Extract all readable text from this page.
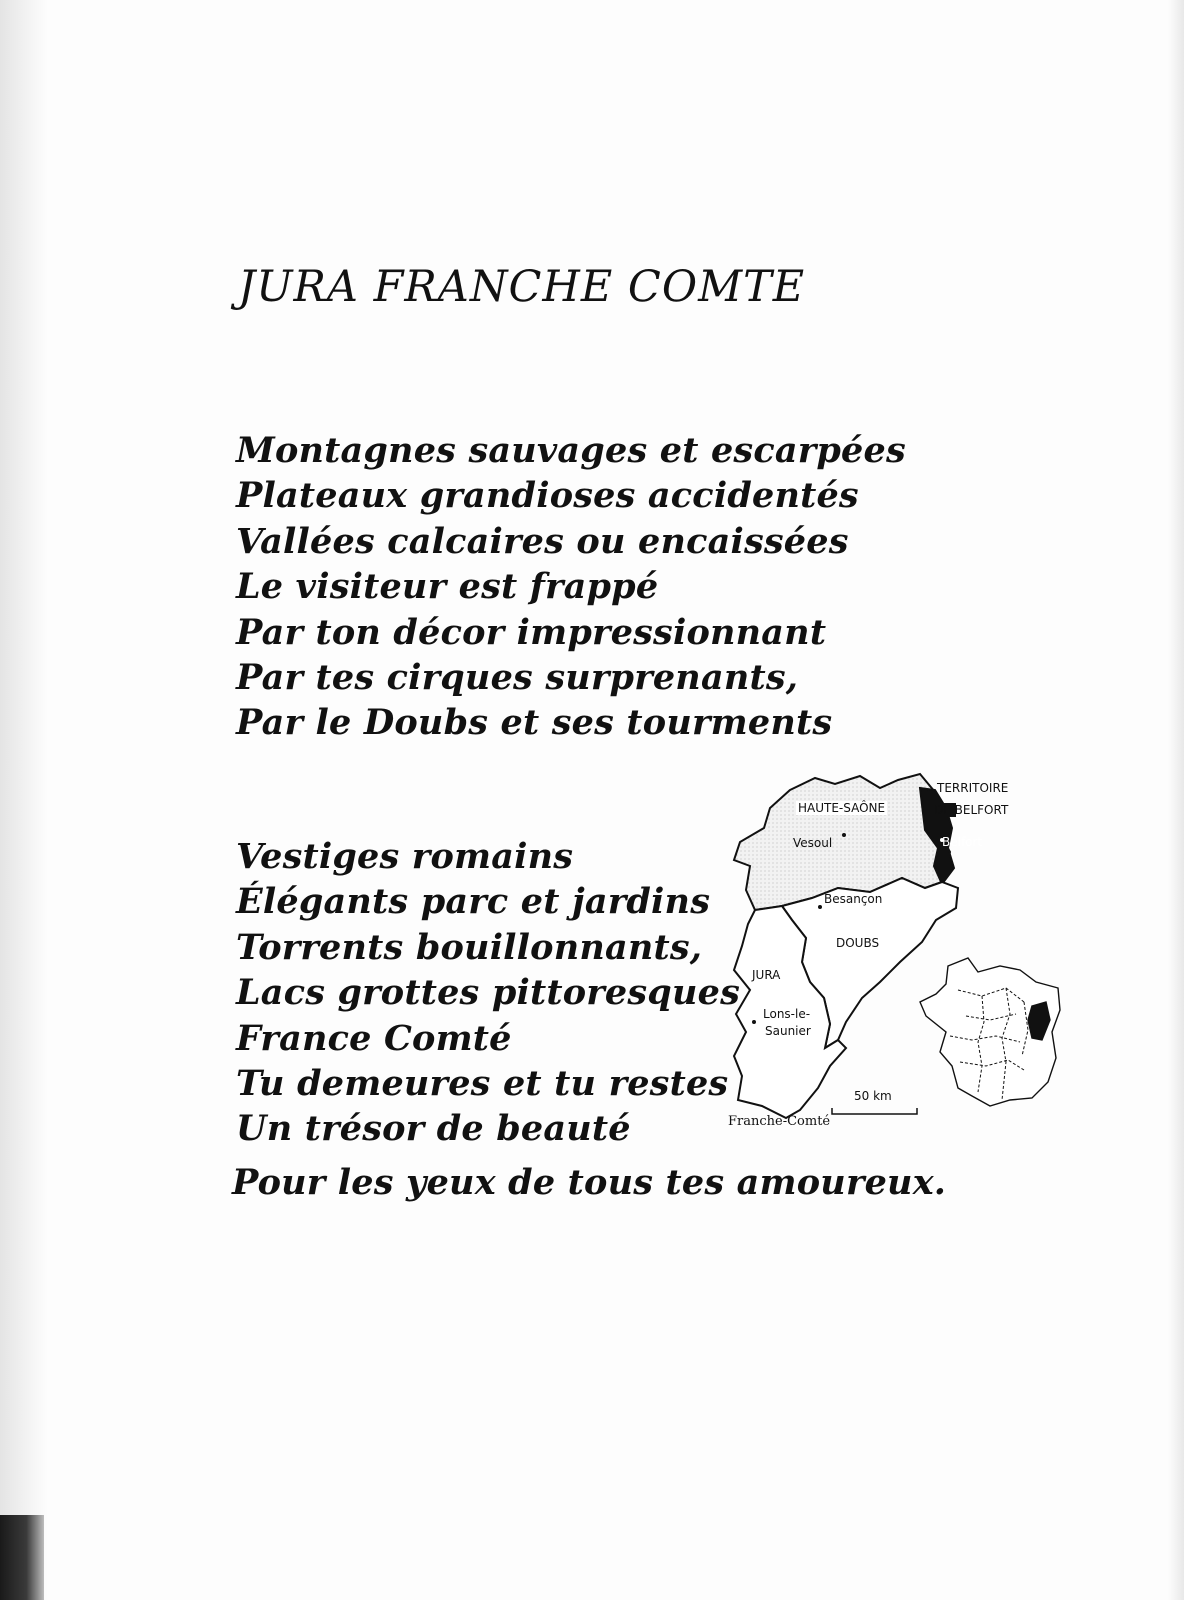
JURA FRANCHE COMTE
Montagnes sauvages et escarpées
Plateaux grandioses accidentés
Vallées calcaires ou encaissées
Le visiteur est frappé
Par ton décor impressionnant
Par tes cirques surprenants,
Par le Doubs et ses tourments
Vestiges romains
Élégants parc et jardins
Torrents bouillonnants,
Lacs grottes pittoresques
France Comté
Tu demeures et tu restes
Un trésor de beauté
Pour les yeux de tous tes amoureux.
TERRITOIRE
DE BELFORT
HAUTE-SAÔNE
Vesoul	Belfort
Besançon
DOUBS
JURA
Lons-le-
Saunier
50 km
Franche-Comté
